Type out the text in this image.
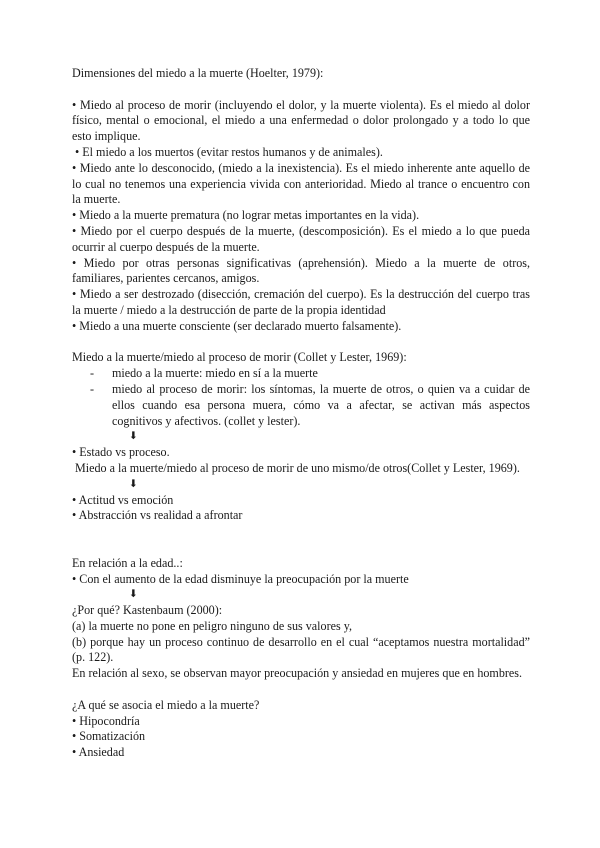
Dimensiones del miedo a la muerte (Hoelter, 1979):

• Miedo al proceso de morir (incluyendo el dolor, y la muerte violenta). Es el miedo al dolor físico, mental o emocional, el miedo a una enfermedad o dolor prolongado y a todo lo que esto implique.

• El miedo a los muertos (evitar restos humanos y de animales).

• Miedo ante lo desconocido, (miedo a la inexistencia). Es el miedo inherente ante aquello de lo cual no tenemos una experiencia vivida con anterioridad. Miedo al trance o encuentro con la muerte.

• Miedo a la muerte prematura (no lograr metas importantes en la vida).

• Miedo por el cuerpo después de la muerte, (descomposición). Es el miedo a lo que pueda ocurrir al cuerpo después de la muerte.

• Miedo por otras personas significativas (aprehensión). Miedo a la muerte de otros, familiares, parientes cercanos, amigos.

• Miedo a ser destrozado (disección, cremación del cuerpo). Es la destrucción del cuerpo tras la muerte / miedo a la destrucción de parte de la propia identidad

• Miedo a una muerte consciente (ser declarado muerto falsamente).

Miedo a la muerte/miedo al proceso de morir (Collet y Lester, 1969):

- miedo a la muerte: miedo en sí a la muerte
- miedo al proceso de morir: los síntomas, la muerte de otros, o quien va a cuidar de ellos cuando esa persona muera, cómo va a afectar, se activan más aspectos cognitivos y afectivos. (collet y lester).
⬇

• Estado vs proceso.

Miedo a la muerte/miedo al proceso de morir de uno mismo/de otros(Collet y Lester, 1969).

⬇

• Actitud vs emoción

• Abstracción vs realidad a afrontar

En relación a la edad..:

• Con el aumento de la edad disminuye la preocupación por la muerte

⬇

¿Por qué? Kastenbaum (2000):

(a) la muerte no pone en peligro ninguno de sus valores y,

(b) porque hay un proceso continuo de desarrollo en el cual “aceptamos nuestra mortalidad” (p. 122).

En relación al sexo, se observan mayor preocupación y ansiedad en mujeres que en hombres.

¿A qué se asocia el miedo a la muerte?

• Hipocondría

• Somatización

• Ansiedad
